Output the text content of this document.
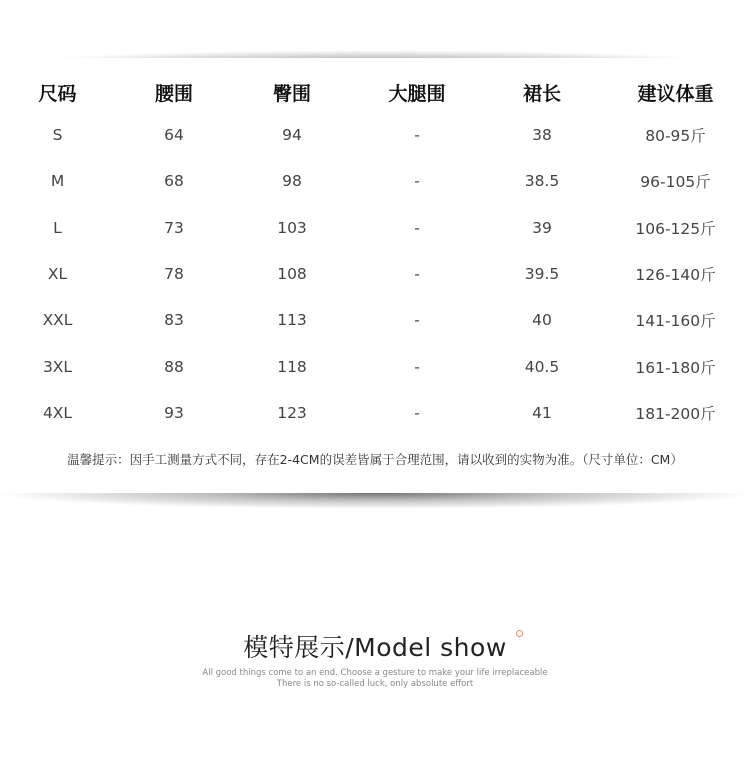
尺码	腰围	臀围	大腿围	裙长	建议体重
S	64	94	-	38	80-95斤
M	68	98	-	38.5	96-105斤
L	73	103	-	39	106-125斤
XL	78	108	-	39.5	126-140斤
XXL	83	113	-	40	141-160斤
3XL	88	118	-	40.5	161-180斤
4XL	93	123	-	41	181-200斤
温馨提示：因手工测量方式不同，存在2-4CM的误差皆属于合理范围，请以收到的实物为准。（尺寸单位：CM）
模特展示/Model show
All good things come to an end. Choose a gesture to make your life irreplaceable
There is no so-called luck, only absolute effort
